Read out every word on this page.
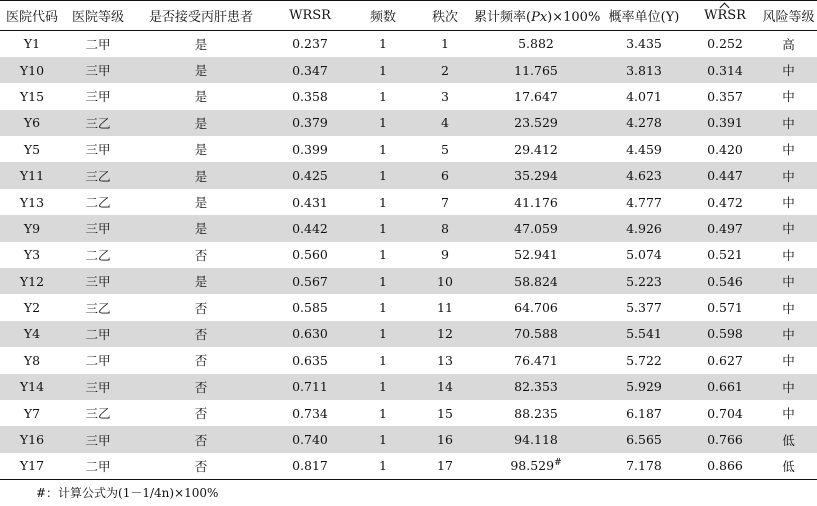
医院代码	医院等级	是否接受丙肝患者	WRSR	频数	秩次	累计频率(Px)×100%	概率单位(Y)	WRSR	风险等级
Y1	二甲	是	0.237	1	1	5.882	3.435	0.252	高
Y10	三甲	是	0.347	1	2	11.765	3.813	0.314	中
Y15	三甲	是	0.358	1	3	17.647	4.071	0.357	中
Y6	三乙	是	0.379	1	4	23.529	4.278	0.391	中
Y5	三甲	是	0.399	1	5	29.412	4.459	0.420	中
Y11	三乙	是	0.425	1	6	35.294	4.623	0.447	中
Y13	二乙	是	0.431	1	7	41.176	4.777	0.472	中
Y9	三甲	是	0.442	1	8	47.059	4.926	0.497	中
Y3	二乙	否	0.560	1	9	52.941	5.074	0.521	中
Y12	三甲	是	0.567	1	10	58.824	5.223	0.546	中
Y2	三乙	否	0.585	1	11	64.706	5.377	0.571	中
Y4	二甲	否	0.630	1	12	70.588	5.541	0.598	中
Y8	二甲	否	0.635	1	13	76.471	5.722	0.627	中
Y14	三甲	否	0.711	1	14	82.353	5.929	0.661	中
Y7	三乙	否	0.734	1	15	88.235	6.187	0.704	中
Y16	三甲	否	0.740	1	16	94.118	6.565	0.766	低
Y17	二甲	否	0.817	1	17	98.529#	7.178	0.866	低
#：计算公式为(1－1/4n)×100%
